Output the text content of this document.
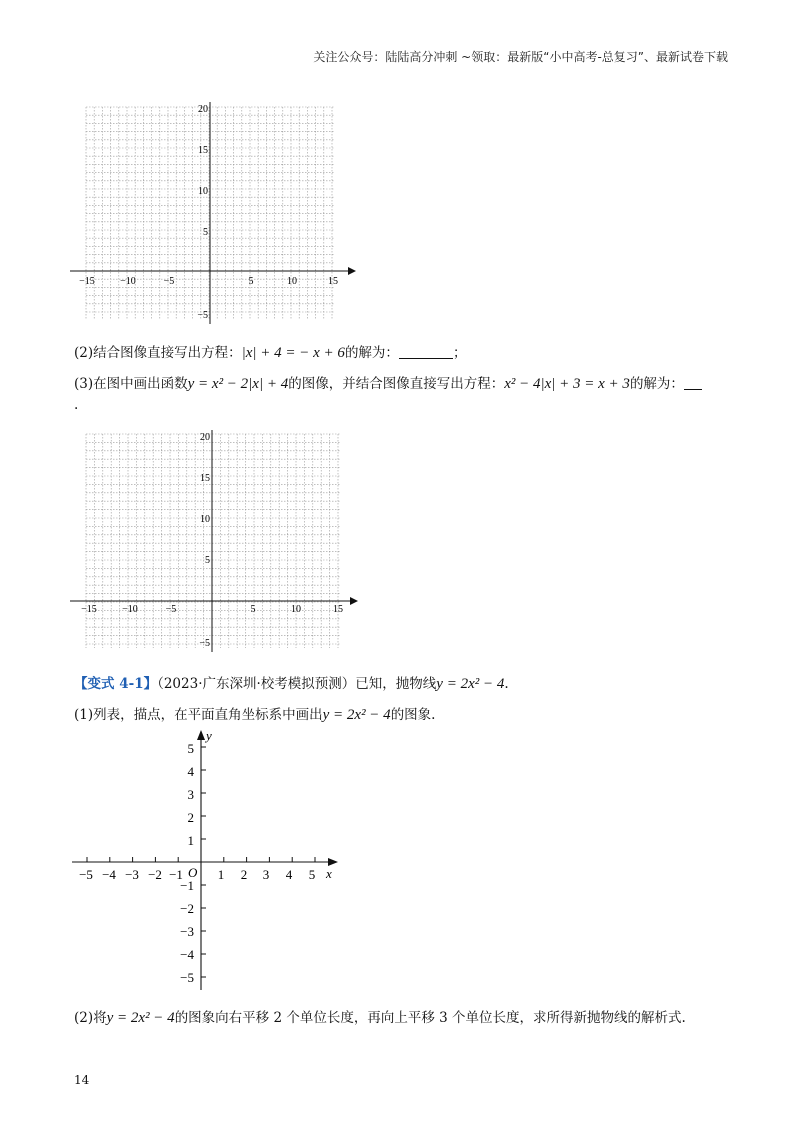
关注公众号：陆陆高分冲刺 ~领取：最新版“小中高考-总复习”、最新试卷下载
20
15
10
5
−5
−15	−10	−5	5	10	15
(2)结合图像直接写出方程：|x| + 4 = − x + 6的解为：	；
(3)在图中画出函数y = x² − 2|x| + 4的图像，并结合图像直接写出方程：x² − 4|x| + 3 = x + 3的解为：
.
20
15
10
5
−5
−15	−10	−5	5	10	15
【变式 4-1】（2023·广东深圳·校考模拟预测）已知，抛物线y = 2x² − 4.
(1)列表，描点，在平面直角坐标系中画出y = 2x² − 4的图象.
y
x
O
5
4
3
2
1
−1
−2
−3
−4
−5
−5 −4 −3 −2 −1	1 2 3 4 5
(2)将y = 2x² − 4的图象向右平移 2 个单位长度，再向上平移 3 个单位长度，求所得新抛物线的解析式.
14
